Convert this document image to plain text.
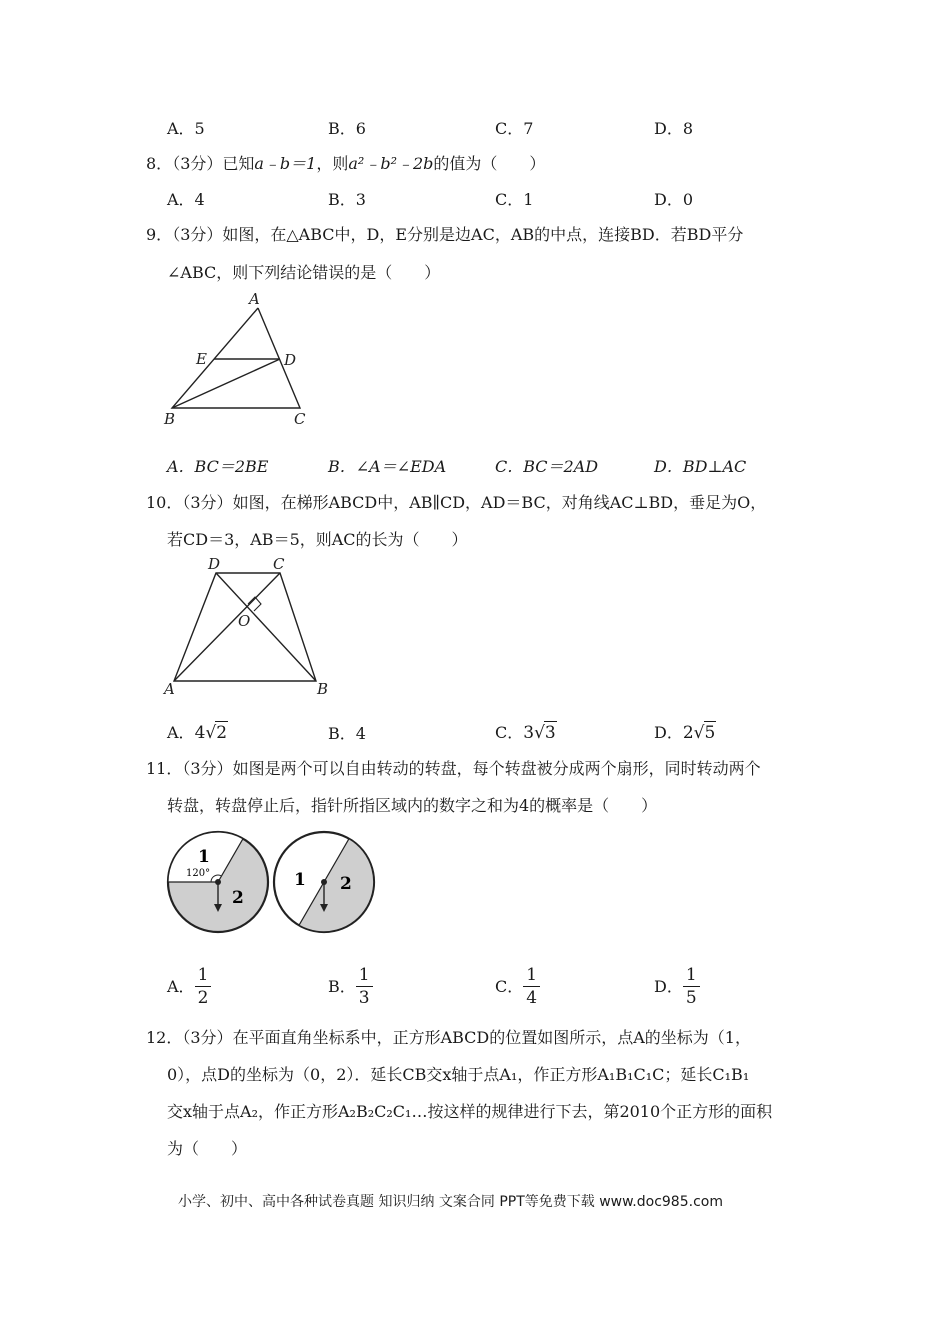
A．5	B．6	C．7	D．8
8．（3分）已知a﹣b＝1，则a²﹣b²﹣2b的值为（　　）
A．4	B．3	C．1	D．0
9．（3分）如图，在△ABC中，D，E分别是边AC，AB的中点，连接BD．若BD平分
∠ABC，则下列结论错误的是（　　）
A
E	D
B	C
A．BC＝2BE	B．∠A＝∠EDA	C．BC＝2AD	D．BD⊥AC
10．（3分）如图，在梯形ABCD中，AB∥CD，AD＝BC，对角线AC⊥BD，垂足为O，
若CD＝3，AB＝5，则AC的长为（　　）
D	C
O
A	B
A．4√2	B．4	C．3√3	D．2√5
11．（3分）如图是两个可以自由转动的转盘，每个转盘被分成两个扇形，同时转动两个
转盘，转盘停止后，指针所指区域内的数字之和为4的概率是（　　）
1
120°
2
1 2
A． $\frac{1}{2}$	B． $\frac{1}{3}$	C． $\frac{1}{4}$	D． $\frac{1}{5}$
12．（3分）在平面直角坐标系中，正方形ABCD的位置如图所示，点A的坐标为（1，
0），点D的坐标为（0，2）．延长CB交x轴于点A₁，作正方形A₁B₁C₁C；延长C₁B₁
交x轴于点A₂，作正方形A₂B₂C₂C₁…按这样的规律进行下去，第2010个正方形的面积
为（　　）
小学、初中、高中各种试卷真题 知识归纳 文案合同 PPT等免费下载 www.doc985.com
